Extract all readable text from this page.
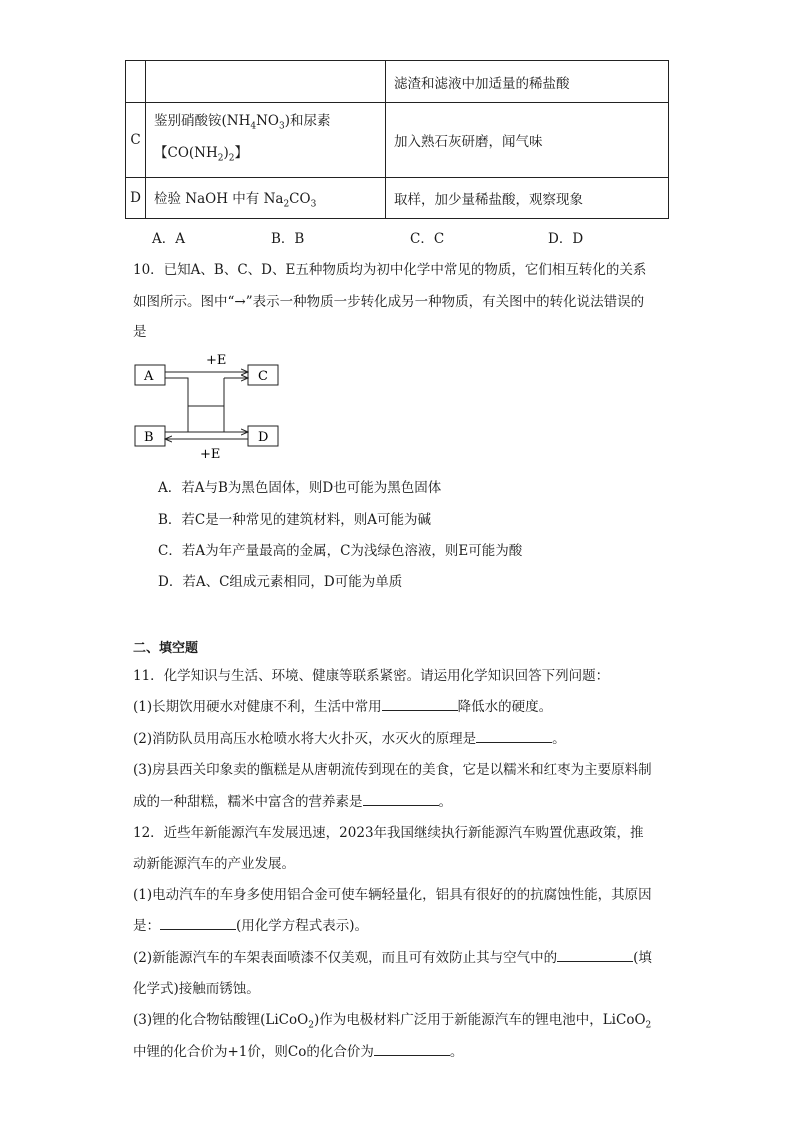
		滤渣和滤液中加适量的稀盐酸
C	鉴别硝酸铵$(NH_4NO_3)$和尿素
【$CO(NH_2)_2$】	加入熟石灰研磨，闻气味
D	检验 NaOH 中有 $Na_2CO_3$	取样，加少量稀盐酸，观察现象
A．A	B．B	C．C	D．D
10．已知A、B、C、D、E五种物质均为初中化学中常见的物质，它们相互转化的关系
如图所示。图中“→”表示一种物质一步转化成另一种物质，有关图中的转化说法错误的
是
+E
A	C
B	D
+E
A．若A与B为黑色固体，则D也可能为黑色固体
B．若C是一种常见的建筑材料，则A可能为碱
C．若A为年产量最高的金属，C为浅绿色溶液，则E可能为酸
D．若A、C组成元素相同，D可能为单质
二、填空题
11．化学知识与生活、环境、健康等联系紧密。请运用化学知识回答下列问题：
(1)长期饮用硬水对健康不利，生活中常用	降低水的硬度。
(2)消防队员用高压水枪喷水将大火扑灭，水灭火的原理是	。
(3)房县西关印象卖的甑糕是从唐朝流传到现在的美食，它是以糯米和红枣为主要原料制
成的一种甜糕，糯米中富含的营养素是	。
12．近些年新能源汽车发展迅速，2023年我国继续执行新能源汽车购置优惠政策，推
动新能源汽车的产业发展。
(1)电动汽车的车身多使用铝合金可使车辆轻量化，铝具有很好的的抗腐蚀性能，其原因
是：	(用化学方程式表示)。
(2)新能源汽车的车架表面喷漆不仅美观，而且可有效防止其与空气中的	(填
化学式)接触而锈蚀。
(3)锂的化合物钴酸锂(LiCoO$_2$)作为电极材料广泛用于新能源汽车的锂电池中，LiCoO$_2$
中锂的化合价为+1价，则Co的化合价为	。
